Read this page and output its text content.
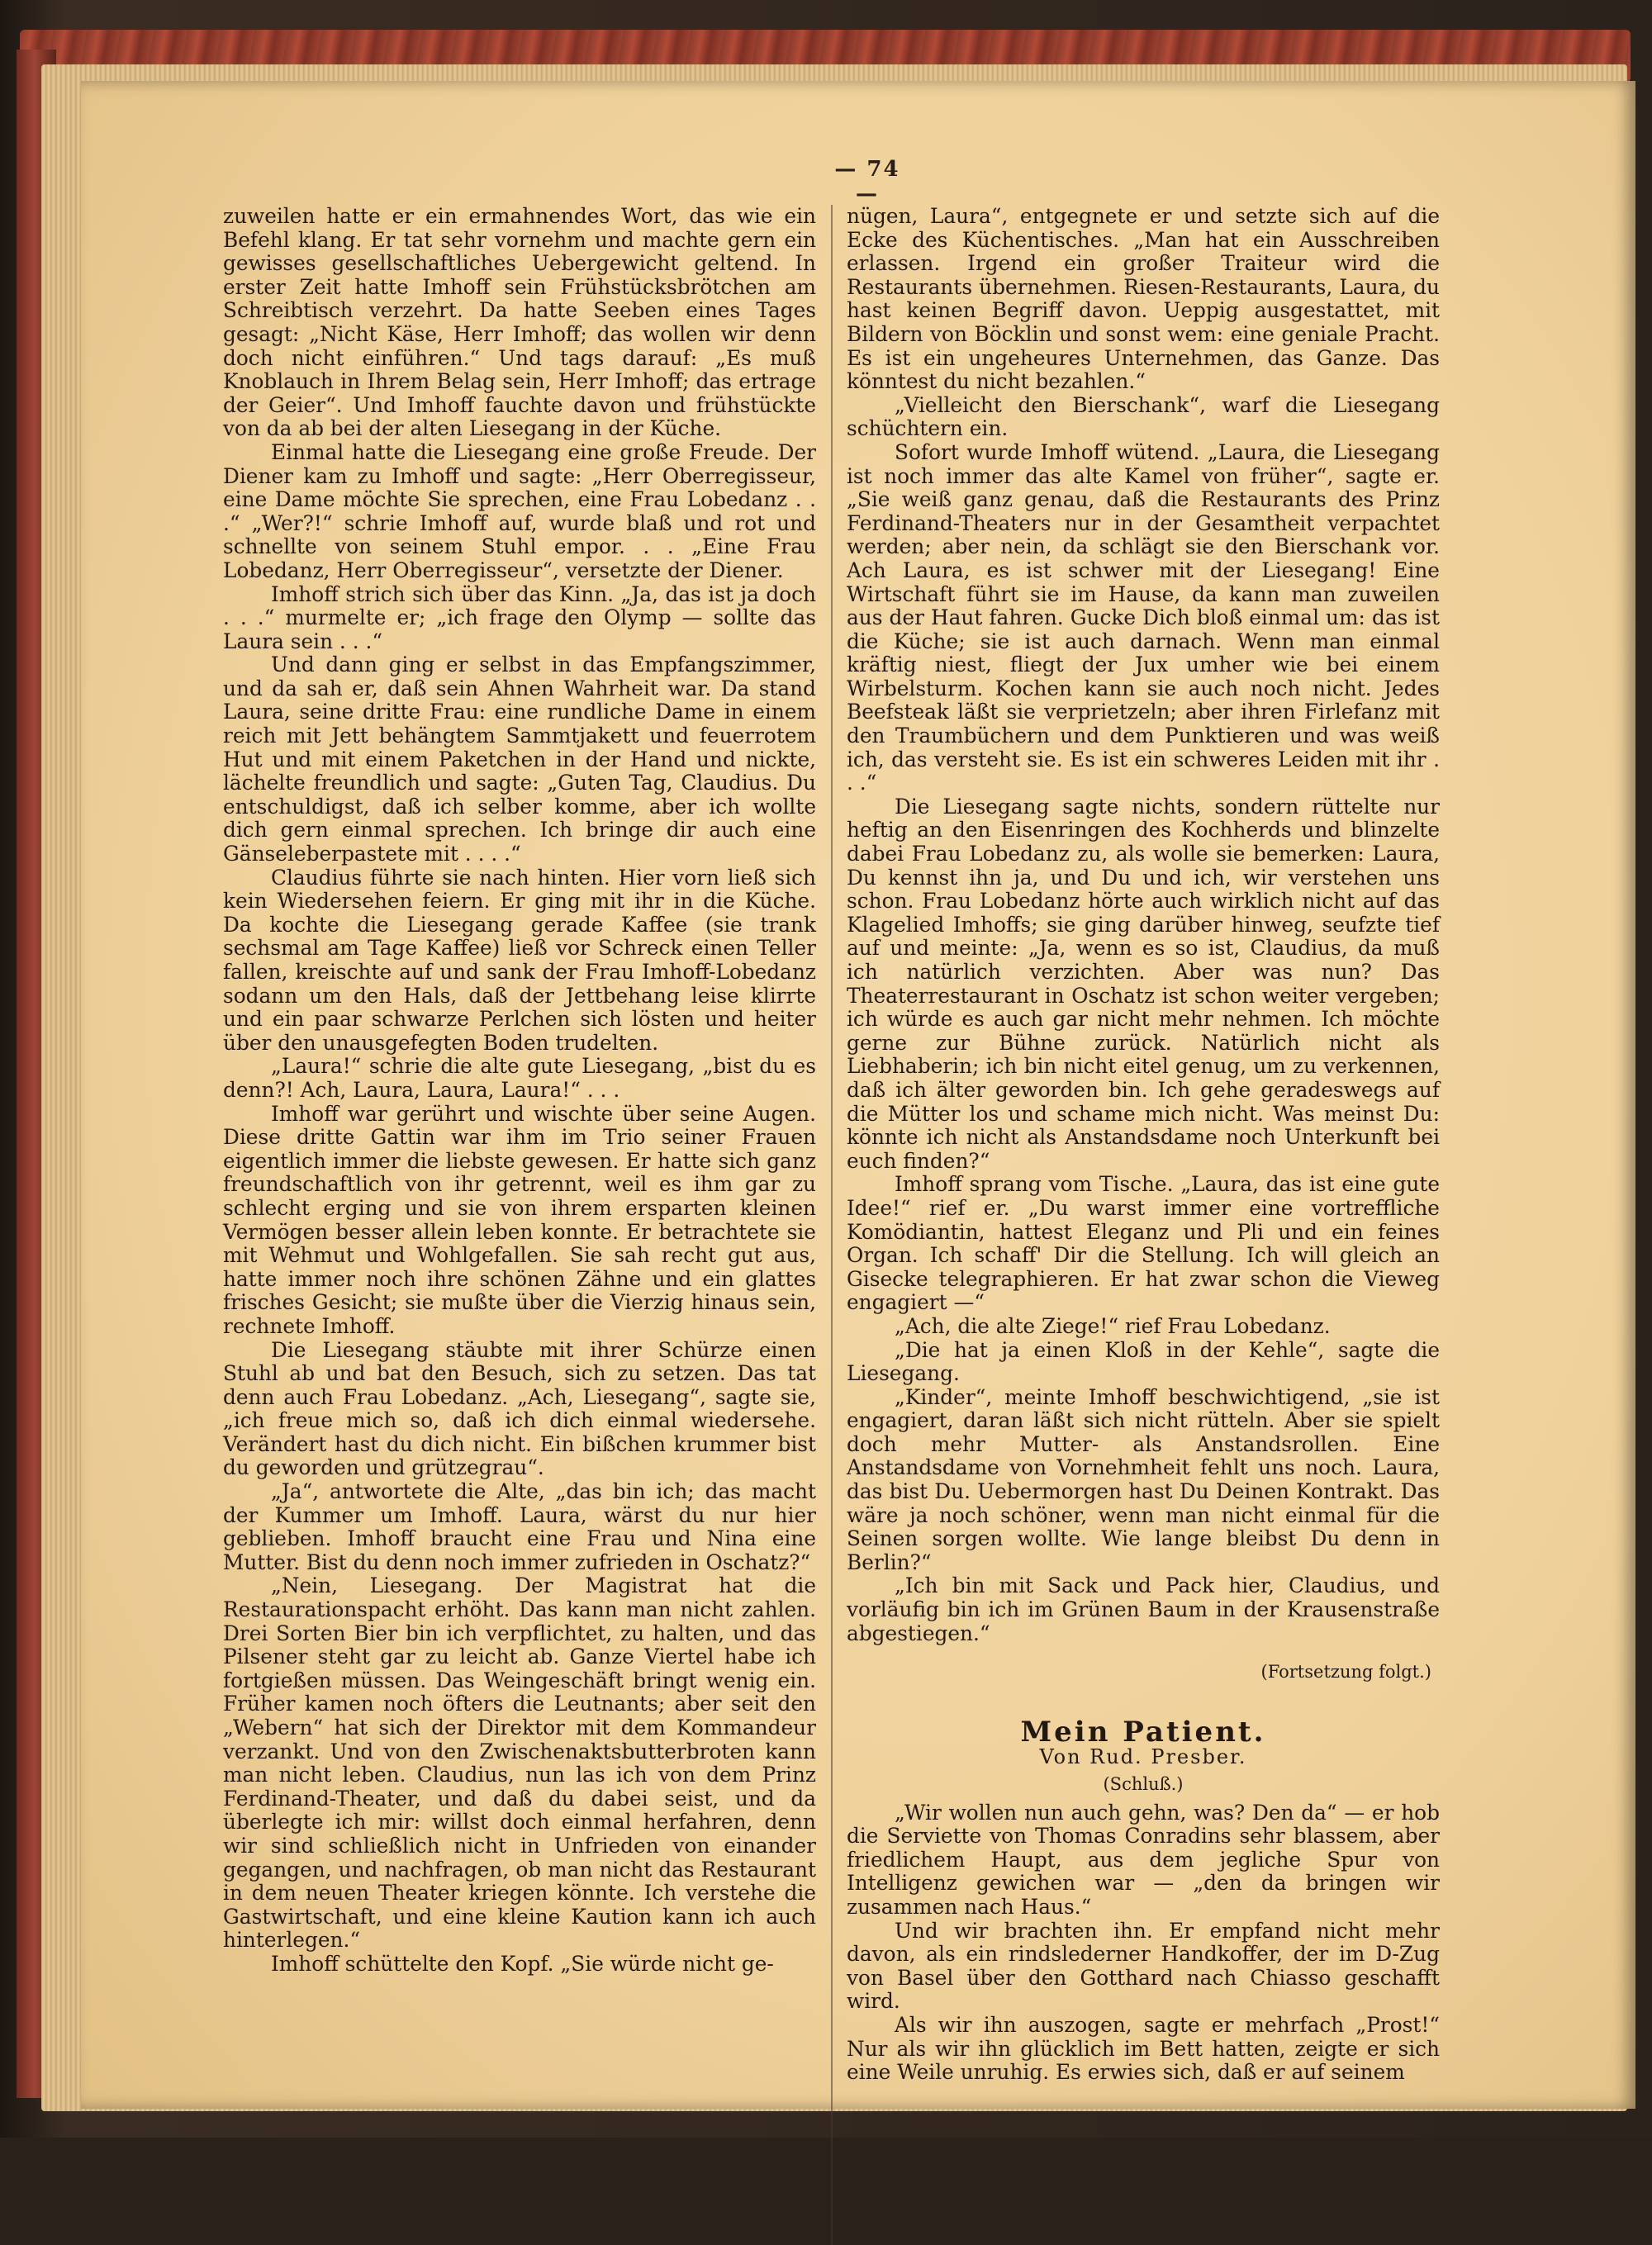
— 74 —

zuweilen hatte er ein ermahnendes Wort, das wie ein Befehl klang. Er tat sehr vornehm und machte gern ein gewisses gesellschaftliches Uebergewicht geltend. In erster Zeit hatte Imhoff sein Frühstücksbrötchen am Schreibtisch verzehrt. Da hatte Seeben eines Tages gesagt: „Nicht Käse, Herr Imhoff; das wollen wir denn doch nicht einführen.“ Und tags darauf: „Es muß Knoblauch in Ihrem Belag sein, Herr Imhoff; das ertrage der Geier“. Und Imhoff fauchte davon und frühstückte von da ab bei der alten Liesegang in der Küche.

Einmal hatte die Liesegang eine große Freude. Der Diener kam zu Imhoff und sagte: „Herr Oberregisseur, eine Dame möchte Sie sprechen, eine Frau Lobedanz . . .“ „Wer?!“ schrie Imhoff auf, wurde blaß und rot und schnellte von seinem Stuhl empor. . . „Eine Frau Lobedanz, Herr Oberregisseur“, versetzte der Diener.

Imhoff strich sich über das Kinn. „Ja, das ist ja doch . . .“ murmelte er; „ich frage den Olymp — sollte das Laura sein . . .“

Und dann ging er selbst in das Empfangszimmer, und da sah er, daß sein Ahnen Wahrheit war. Da stand Laura, seine dritte Frau: eine rundliche Dame in einem reich mit Jett behängtem Sammtjakett und feuerrotem Hut und mit einem Paketchen in der Hand und nickte, lächelte freundlich und sagte: „Guten Tag, Claudius. Du entschuldigst, daß ich selber komme, aber ich wollte dich gern einmal sprechen. Ich bringe dir auch eine Gänseleberpastete mit . . . .“

Claudius führte sie nach hinten. Hier vorn ließ sich kein Wiedersehen feiern. Er ging mit ihr in die Küche. Da kochte die Liesegang gerade Kaffee (sie trank sechsmal am Tage Kaffee) ließ vor Schreck einen Teller fallen, kreischte auf und sank der Frau Imhoff-Lobedanz sodann um den Hals, daß der Jettbehang leise klirrte und ein paar schwarze Perlchen sich lösten und heiter über den unausgefegten Boden trudelten.

„Laura!“ schrie die alte gute Liesegang, „bist du es denn?! Ach, Laura, Laura, Laura!“ . . .

Imhoff war gerührt und wischte über seine Augen. Diese dritte Gattin war ihm im Trio seiner Frauen eigentlich immer die liebste gewesen. Er hatte sich ganz freundschaftlich von ihr getrennt, weil es ihm gar zu schlecht erging und sie von ihrem ersparten kleinen Vermögen besser allein leben konnte. Er betrachtete sie mit Wehmut und Wohlgefallen. Sie sah recht gut aus, hatte immer noch ihre schönen Zähne und ein glattes frisches Gesicht; sie mußte über die Vierzig hinaus sein, rechnete Imhoff.

Die Liesegang stäubte mit ihrer Schürze einen Stuhl ab und bat den Besuch, sich zu setzen. Das tat denn auch Frau Lobedanz. „Ach, Liesegang“, sagte sie, „ich freue mich so, daß ich dich einmal wiedersehe. Verändert hast du dich nicht. Ein bißchen krummer bist du geworden und grützegrau“.

„Ja“, antwortete die Alte, „das bin ich; das macht der Kummer um Imhoff. Laura, wärst du nur hier geblieben. Imhoff braucht eine Frau und Nina eine Mutter. Bist du denn noch immer zufrieden in Oschatz?“

„Nein, Liesegang. Der Magistrat hat die Restaurationspacht erhöht. Das kann man nicht zahlen. Drei Sorten Bier bin ich verpflichtet, zu halten, und das Pilsener steht gar zu leicht ab. Ganze Viertel habe ich fortgießen müssen. Das Weingeschäft bringt wenig ein. Früher kamen noch öfters die Leutnants; aber seit den „Webern“ hat sich der Direktor mit dem Kommandeur verzankt. Und von den Zwischenaktsbutterbroten kann man nicht leben. Claudius, nun las ich von dem Prinz Ferdinand-Theater, und daß du dabei seist, und da überlegte ich mir: willst doch einmal herfahren, denn wir sind schließlich nicht in Unfrieden von einander gegangen, und nachfragen, ob man nicht das Restaurant in dem neuen Theater kriegen könnte. Ich verstehe die Gastwirtschaft, und eine kleine Kaution kann ich auch hinterlegen.“

Imhoff schüttelte den Kopf. „Sie würde nicht ge-

nügen, Laura“, entgegnete er und setzte sich auf die Ecke des Küchentisches. „Man hat ein Ausschreiben erlassen. Irgend ein großer Traiteur wird die Restaurants übernehmen. Riesen-Restaurants, Laura, du hast keinen Begriff davon. Ueppig ausgestattet, mit Bildern von Böcklin und sonst wem: eine geniale Pracht. Es ist ein ungeheures Unternehmen, das Ganze. Das könntest du nicht bezahlen.“

„Vielleicht den Bierschank“, warf die Liesegang schüchtern ein.

Sofort wurde Imhoff wütend. „Laura, die Liesegang ist noch immer das alte Kamel von früher“, sagte er. „Sie weiß ganz genau, daß die Restaurants des Prinz Ferdinand-Theaters nur in der Gesamtheit verpachtet werden; aber nein, da schlägt sie den Bierschank vor. Ach Laura, es ist schwer mit der Liesegang! Eine Wirtschaft führt sie im Hause, da kann man zuweilen aus der Haut fahren. Gucke Dich bloß einmal um: das ist die Küche; sie ist auch darnach. Wenn man einmal kräftig niest, fliegt der Jux umher wie bei einem Wirbelsturm. Kochen kann sie auch noch nicht. Jedes Beefsteak läßt sie verprietzeln; aber ihren Firlefanz mit den Traumbüchern und dem Punktieren und was weiß ich, das versteht sie. Es ist ein schweres Leiden mit ihr . . .“

Die Liesegang sagte nichts, sondern rüttelte nur heftig an den Eisenringen des Kochherds und blinzelte dabei Frau Lobedanz zu, als wolle sie bemerken: Laura, Du kennst ihn ja, und Du und ich, wir verstehen uns schon. Frau Lobedanz hörte auch wirklich nicht auf das Klagelied Imhoffs; sie ging darüber hinweg, seufzte tief auf und meinte: „Ja, wenn es so ist, Claudius, da muß ich natürlich verzichten. Aber was nun? Das Theaterrestaurant in Oschatz ist schon weiter vergeben; ich würde es auch gar nicht mehr nehmen. Ich möchte gerne zur Bühne zurück. Natürlich nicht als Liebhaberin; ich bin nicht eitel genug, um zu verkennen, daß ich älter geworden bin. Ich gehe geradeswegs auf die Mütter los und schame mich nicht. Was meinst Du: könnte ich nicht als Anstandsdame noch Unterkunft bei euch finden?“

Imhoff sprang vom Tische. „Laura, das ist eine gute Idee!“ rief er. „Du warst immer eine vortreffliche Komödiantin, hattest Eleganz und Pli und ein feines Organ. Ich schaff' Dir die Stellung. Ich will gleich an Gisecke telegraphieren. Er hat zwar schon die Vieweg engagiert —“

„Ach, die alte Ziege!“ rief Frau Lobedanz.

„Die hat ja einen Kloß in der Kehle“, sagte die Liesegang.

„Kinder“, meinte Imhoff beschwichtigend, „sie ist engagiert, daran läßt sich nicht rütteln. Aber sie spielt doch mehr Mutter- als Anstandsrollen. Eine Anstandsdame von Vornehmheit fehlt uns noch. Laura, das bist Du. Uebermorgen hast Du Deinen Kontrakt. Das wäre ja noch schöner, wenn man nicht einmal für die Seinen sorgen wollte. Wie lange bleibst Du denn in Berlin?“

„Ich bin mit Sack und Pack hier, Claudius, und vorläufig bin ich im Grünen Baum in der Krausenstraße abgestiegen.“

(Fortsetzung folgt.)
Mein Patient.
Von Rud. Presber.
(Schluß.)

„Wir wollen nun auch gehn, was? Den da“ — er hob die Serviette von Thomas Conradins sehr blassem, aber friedlichem Haupt, aus dem jegliche Spur von Intelligenz gewichen war — „den da bringen wir zusammen nach Haus.“

Und wir brachten ihn. Er empfand nicht mehr davon, als ein rindslederner Handkoffer, der im D-Zug von Basel über den Gotthard nach Chiasso geschafft wird.

Als wir ihn auszogen, sagte er mehrfach „Prost!“ Nur als wir ihn glücklich im Bett hatten, zeigte er sich eine Weile unruhig. Es erwies sich, daß er auf seinem
